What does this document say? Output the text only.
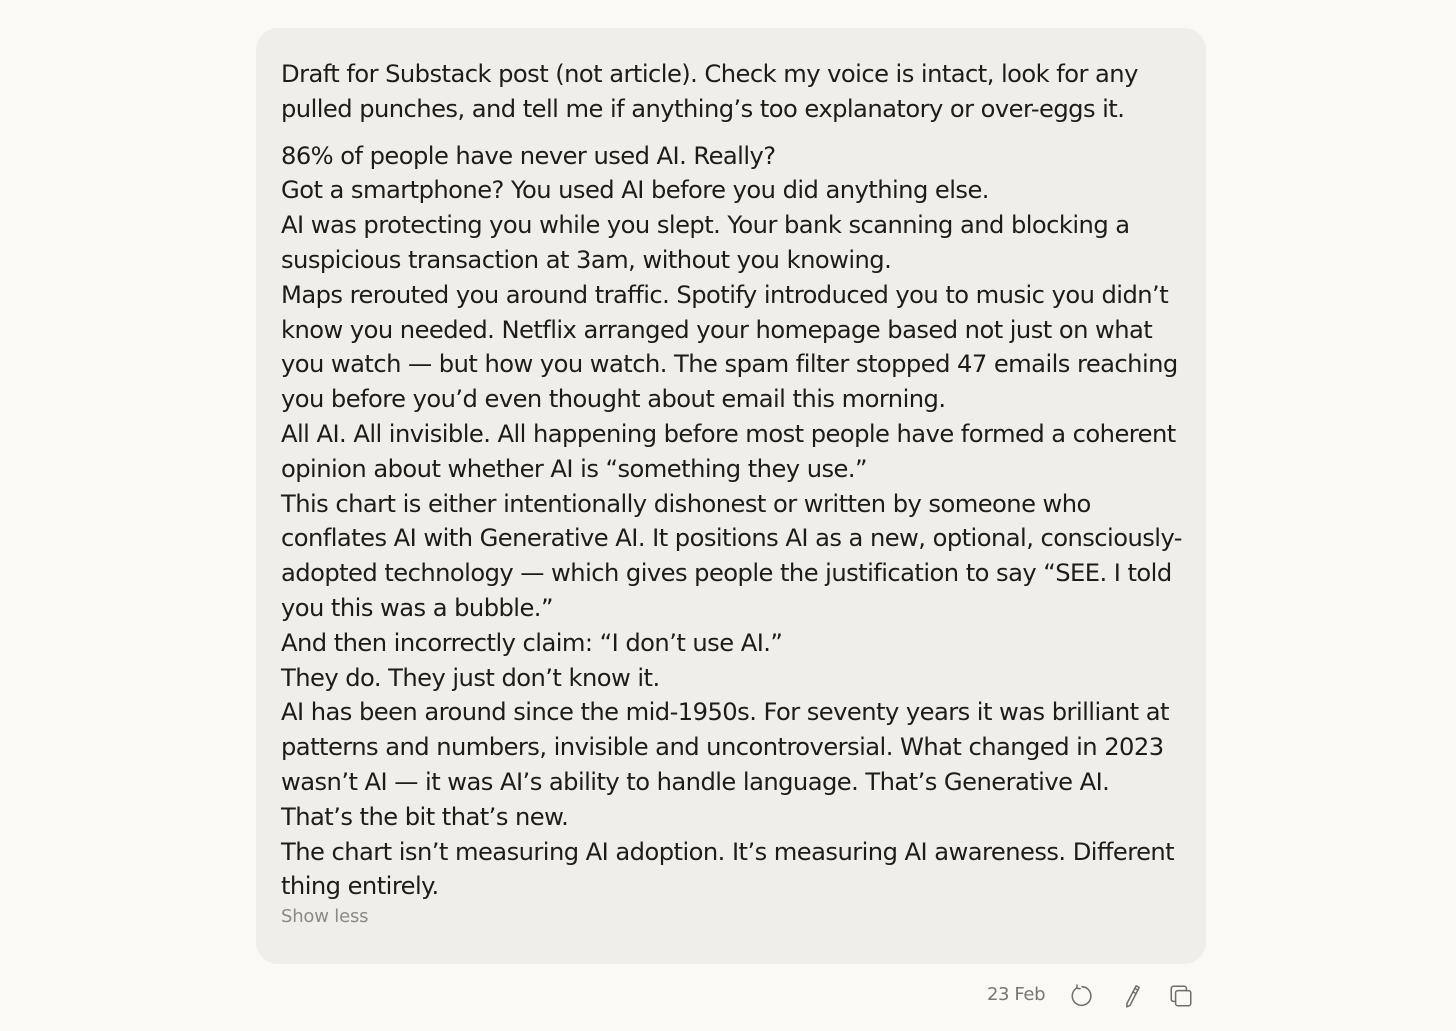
Draft for Substack post (not article). Check my voice is intact, look for any pulled punches, and tell me if anything’s too explanatory or over-eggs it.

86% of people have never used AI. Really?
Got a smartphone? You used AI before you did anything else.
AI was protecting you while you slept. Your bank scanning and blocking a suspicious transaction at 3am, without you knowing.
Maps rerouted you around traffic. Spotify introduced you to music you didn’t know you needed. Netflix arranged your homepage based not just on what you watch — but how you watch. The spam filter stopped 47 emails reaching you before you’d even thought about email this morning.
All AI. All invisible. All happening before most people have formed a coherent opinion about whether AI is “something they use.”
This chart is either intentionally dishonest or written by someone who conflates AI with Generative AI. It positions AI as a new, optional, consciously-adopted technology — which gives people the justification to say “SEE. I told you this was a bubble.”
And then incorrectly claim: “I don’t use AI.”
They do. They just don’t know it.
AI has been around since the mid-1950s. For seventy years it was brilliant at patterns and numbers, invisible and uncontroversial. What changed in 2023 wasn’t AI — it was AI’s ability to handle language. That’s Generative AI. That’s the bit that’s new.
The chart isn’t measuring AI adoption. It’s measuring AI awareness. Different thing entirely.
Show less
23 Feb
